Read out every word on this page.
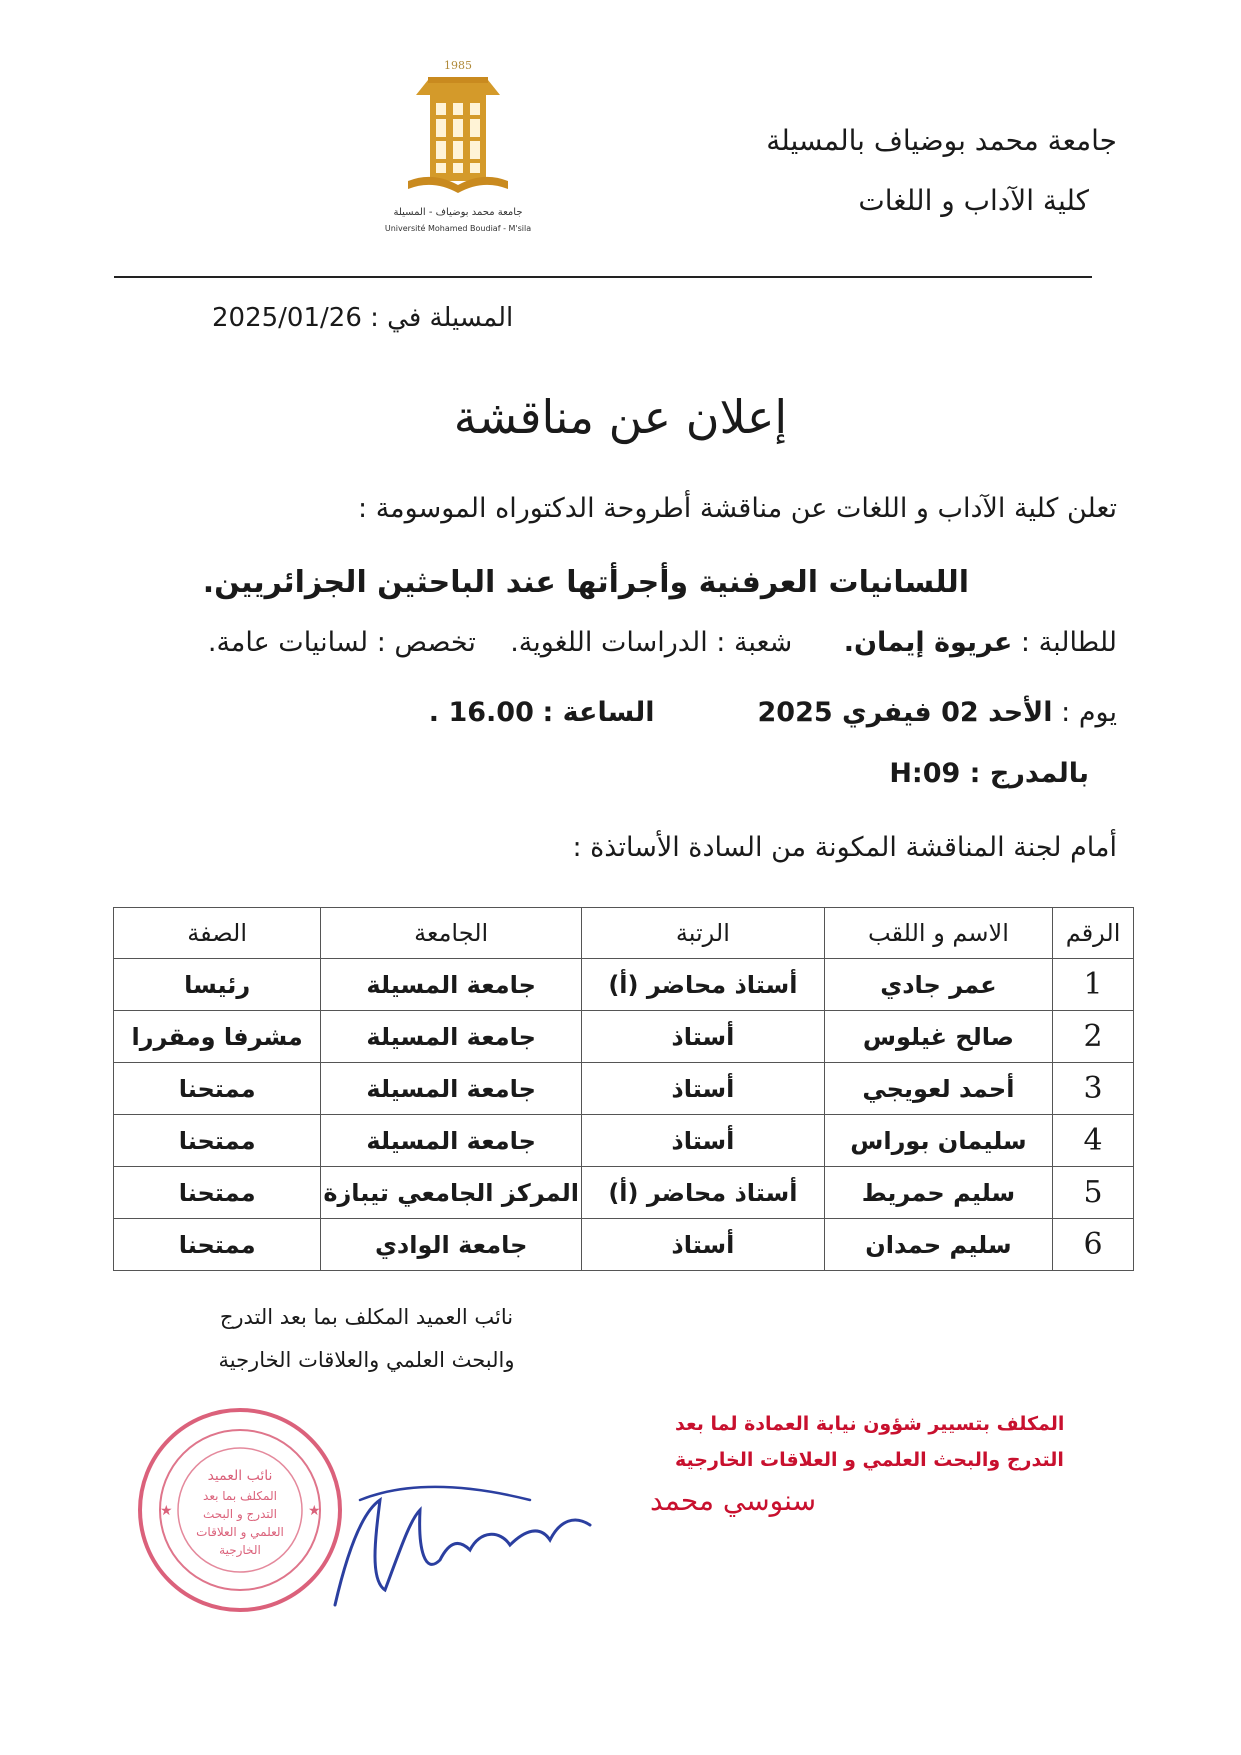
1985
جامعة محمد بوضياف - المسيلة
Université Mohamed Boudiaf - M'sila
جامعة محمد بوضياف بالمسيلة
كلية الآداب و اللغات
المسيلة في : 2025/01/26
إعلان عن مناقشة
تعلن كلية الآداب و اللغات عن مناقشة أطروحة الدكتوراه الموسومة :
اللسانيات العرفنية وأجرأتها عند الباحثين الجزائريين.
للطالبة : عريوة إيمان.      شعبة : الدراسات اللغوية.    تخصص : لسانيات عامة.
يوم : الأحد 02 فيفري 2025            الساعة : 16.00 .
بالمدرج : H:09
أمام لجنة المناقشة المكونة من السادة الأساتذة :
الرقم	الاسم و اللقب	الرتبة	الجامعة	الصفة
1	عمر جادي	أستاذ محاضر (أ)	جامعة المسيلة	رئيسا
2	صالح غيلوس	أستاذ	جامعة المسيلة	مشرفا ومقررا
3	أحمد لعويجي	أستاذ	جامعة المسيلة	ممتحنا
4	سليمان بوراس	أستاذ	جامعة المسيلة	ممتحنا
5	سليم حمريط	أستاذ محاضر (أ)	المركز الجامعي تيبازة	ممتحنا
6	سليم حمدان	أستاذ	جامعة الوادي	ممتحنا
نائب العميد المكلف بما بعد التدرج
والبحث العلمي والعلاقات الخارجية
نائب العميد
المكلف بما بعد
التدرج و البحث
العلمي و العلاقات
الخارجية
★	★
المكلف بتسيير شؤون نيابة العمادة لما بعد
التدرج والبحث العلمي و العلاقات الخارجية
سنوسي محمد
